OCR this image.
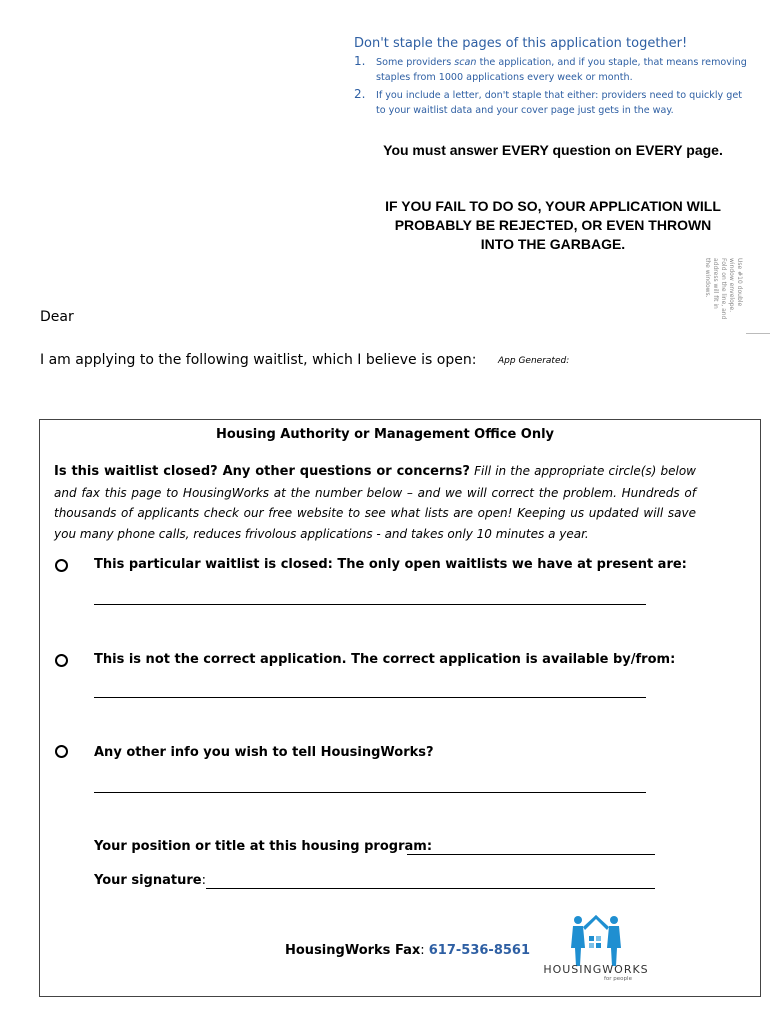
Don't staple the pages of this application together!
1. Some providers scan the application, and if you staple, that means removing staples from 1000 applications every week or month.
2. If you include a letter, don't staple that either: providers need to quickly get to your waitlist data and your cover page just gets in the way.
You must answer EVERY question on EVERY page.
IF YOU FAIL TO DO SO, YOUR APPLICATION WILL PROBABLY BE REJECTED, OR EVEN THROWN INTO THE GARBAGE.
Use #10 double window envelope. Fold on the line, and address will fit in the windows.
Dear
I am applying to the following waitlist, which I believe is open: App Generated:
Housing Authority or Management Office Only
Is this waitlist closed? Any other questions or concerns? Fill in the appropriate circle(s) below and fax this page to HousingWorks at the number below – and we will correct the problem. Hundreds of thousands of applicants check our free website to see what lists are open! Keeping us updated will save you many phone calls, reduces frivolous applications - and takes only 10 minutes a year.
This particular waitlist is closed: The only open waitlists we have at present are:
This is not the correct application. The correct application is available by/from:
Any other info you wish to tell HousingWorks?
Your position or title at this housing program:
Your signature:
HousingWorks Fax: 617-536-8561
HOUSINGWORKS
for people
